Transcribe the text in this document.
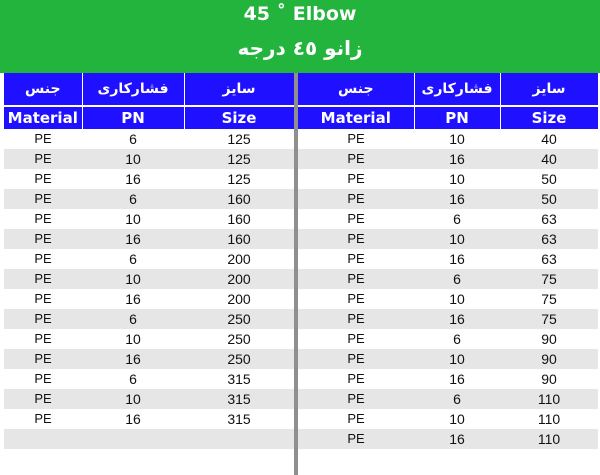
45 ˚ Elbow
زانو ٤٥ درجه
جنس	فشارکاری	سایز
Material	PN	Size
PE	6	125
PE	10	125
PE	16	125
PE	6	160
PE	10	160
PE	16	160
PE	6	200
PE	10	200
PE	16	200
PE	6	250
PE	10	250
PE	16	250
PE	6	315
PE	10	315
PE	16	315

جنس	فشارکاری	سایز
Material	PN	Size
PE	10	40
PE	16	40
PE	10	50
PE	16	50
PE	6	63
PE	10	63
PE	16	63
PE	6	75
PE	10	75
PE	16	75
PE	6	90
PE	10	90
PE	16	90
PE	6	110
PE	10	110
PE	16	110
